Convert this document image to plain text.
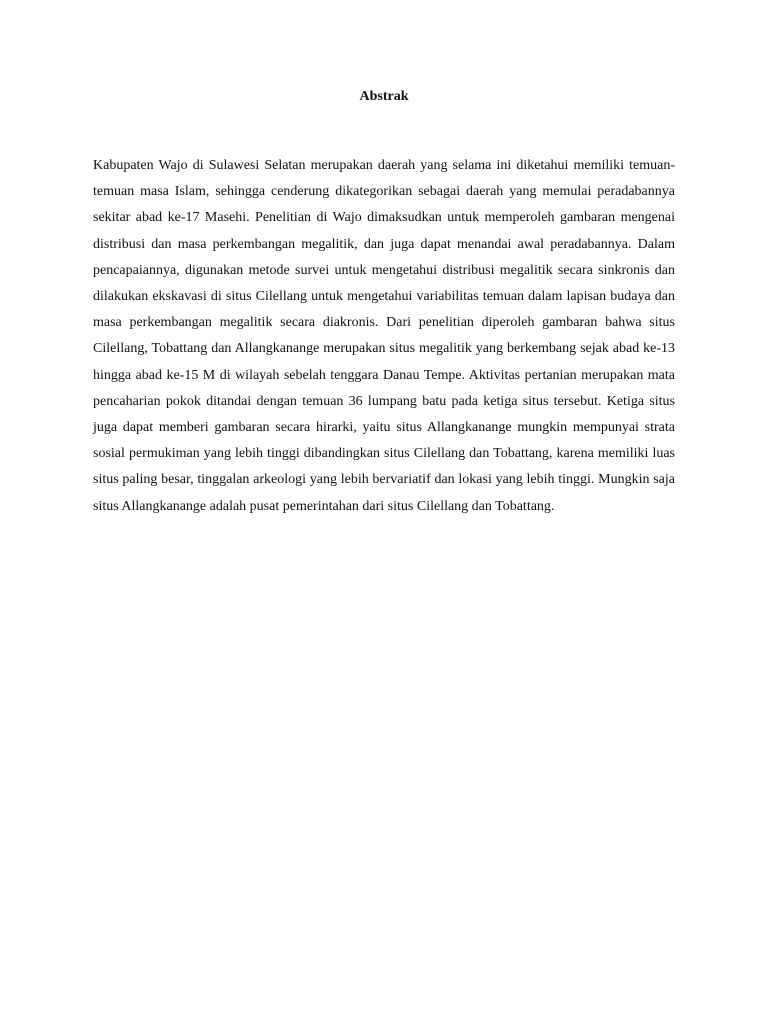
Abstrak

Kabupaten Wajo di Sulawesi Selatan merupakan daerah yang selama ini diketahui memiliki temuan-temuan masa Islam, sehingga cenderung dikategorikan sebagai daerah yang memulai peradabannya sekitar abad ke-17 Masehi. Penelitian di Wajo dimaksudkan untuk memperoleh gambaran mengenai distribusi dan masa perkembangan megalitik, dan juga dapat menandai awal peradabannya. Dalam pencapaiannya, digunakan metode survei untuk mengetahui distribusi megalitik secara sinkronis dan dilakukan ekskavasi di situs Cilellang untuk mengetahui variabilitas temuan dalam lapisan budaya dan masa perkembangan megalitik secara diakronis. Dari penelitian diperoleh gambaran bahwa situs Cilellang, Tobattang dan Allangkanange merupakan situs megalitik yang berkembang sejak abad ke-13 hingga abad ke-15 M di wilayah sebelah tenggara Danau Tempe. Aktivitas pertanian merupakan mata pencaharian pokok ditandai dengan temuan 36 lumpang batu pada ketiga situs tersebut. Ketiga situs juga dapat memberi gambaran secara hirarki, yaitu situs Allangkanange mungkin mempunyai strata sosial permukiman yang lebih tinggi dibandingkan situs Cilellang dan Tobattang, karena memiliki luas situs paling besar, tinggalan arkeologi yang lebih bervariatif dan lokasi yang lebih tinggi. Mungkin saja situs Allangkanange adalah pusat pemerintahan dari situs Cilellang dan Tobattang.
